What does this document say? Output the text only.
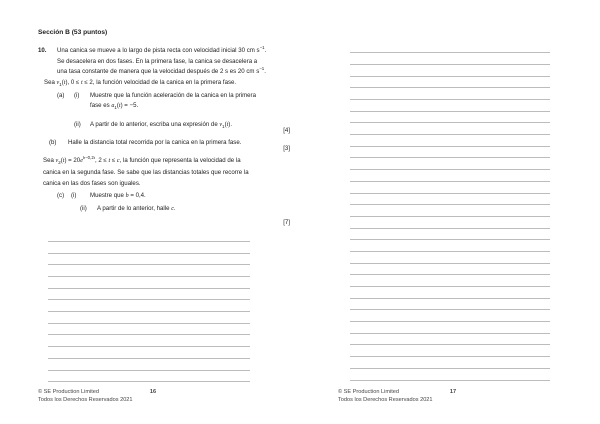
Sección B (53 puntos)
10. Una canica se mueve a lo largo de pista recta con velocidad inicial 30 cm $s^{-1}$.
Se desacelera en dos fases. En la primera fase, la canica se desacelera a
una tasa constante de manera que la velocidad después de 2 s es 20 cm $s^{-1}$.
Sea $v_1(t)$, 0 ≤ t ≤ 2, la función velocidad de la canica en la primera fase.
(a) (i) Muestre que la función aceleración de la canica en la primera
fase es $a_1(t) = -5$.
(ii) A partir de lo anterior, escriba una expresión de $v_1(t)$.
[4]
(b) Halle la distancia total recorrida por la canica en la primera fase.
[3]
Sea $v_2(t) = 20e^{b-0,2t}$, 2 ≤ t ≤ c, la función que representa la velocidad de la
canica en la segunda fase. Se sabe que las distancias totales que recorre la
canica en las dos fases son iguales.
(c) (i) Muestre que b = 0,4.
(ii) A partir de lo anterior, halle c.
[7]
© SE Production Limited
Todos los Derechos Reservados 2021
16	© SE Production Limited
Todos los Derechos Reservados 2021
17
